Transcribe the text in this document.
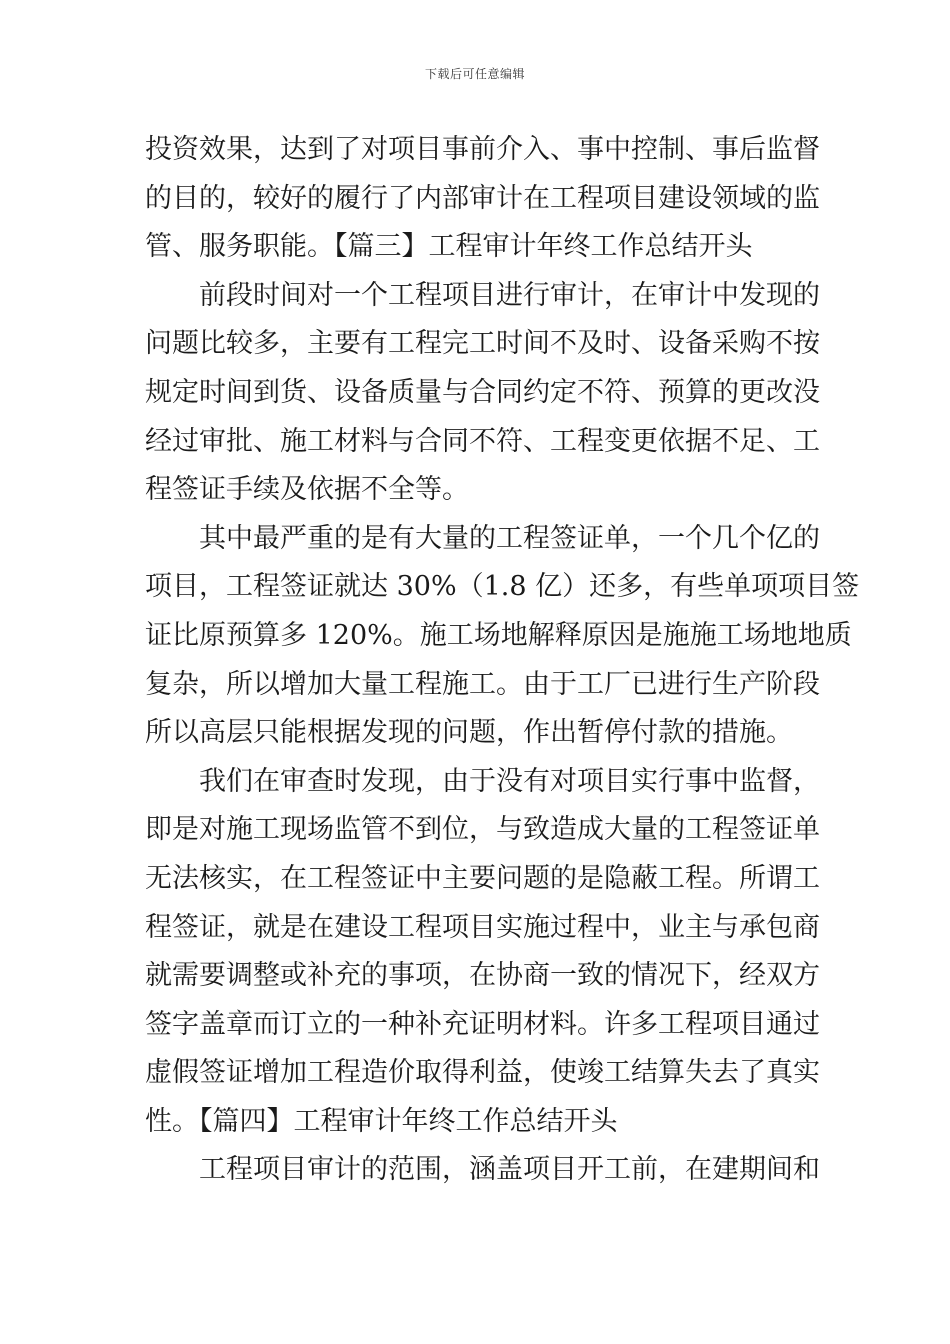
下载后可任意编辑
投资效果，达到了对项目事前介入、事中控制、事后监督
的目的，较好的履行了内部审计在工程项目建设领域的监
管、服务职能。【篇三】工程审计年终工作总结开头
前段时间对一个工程项目进行审计，在审计中发现的
问题比较多，主要有工程完工时间不及时、设备采购不按
规定时间到货、设备质量与合同约定不符、预算的更改没
经过审批、施工材料与合同不符、工程变更依据不足、工
程签证手续及依据不全等。
其中最严重的是有大量的工程签证单，一个几个亿的
项目，工程签证就达 30%（1.8 亿）还多，有些单项项目签
证比原预算多 120%。施工场地解释原因是施施工场地地质
复杂，所以增加大量工程施工。由于工厂已进行生产阶段
所以高层只能根据发现的问题，作出暂停付款的措施。
我们在审查时发现，由于没有对项目实行事中监督，
即是对施工现场监管不到位，与致造成大量的工程签证单
无法核实，在工程签证中主要问题的是隐蔽工程。所谓工
程签证，就是在建设工程项目实施过程中，业主与承包商
就需要调整或补充的事项，在协商一致的情况下，经双方
签字盖章而订立的一种补充证明材料。许多工程项目通过
虚假签证增加工程造价取得利益，使竣工结算失去了真实
性。【篇四】工程审计年终工作总结开头
工程项目审计的范围，涵盖项目开工前，在建期间和
